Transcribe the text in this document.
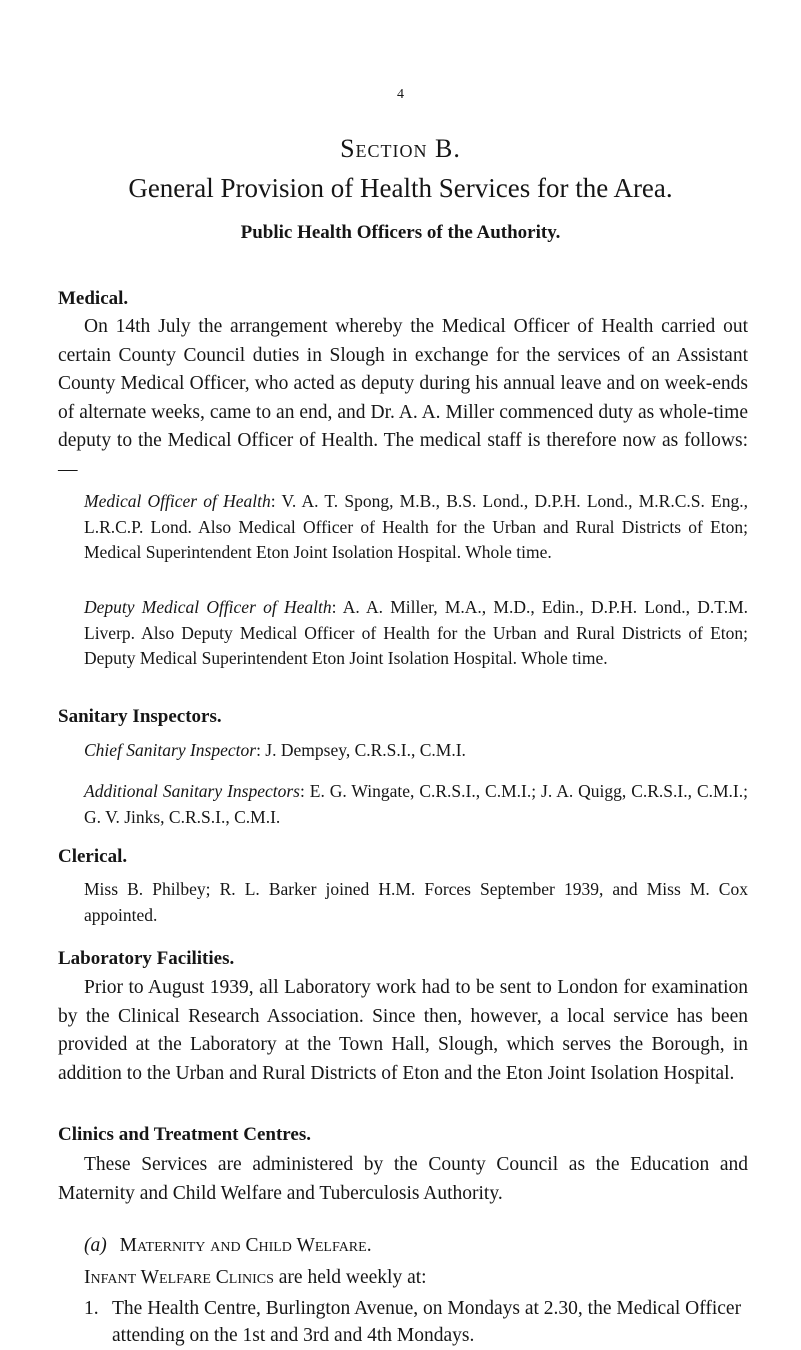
4
Section B.
General Provision of Health Services for the Area.
Public Health Officers of the Authority.
Medical.
On 14th July the arrangement whereby the Medical Officer of Health carried out certain County Council duties in Slough in exchange for the services of an Assistant County Medical Officer, who acted as deputy during his annual leave and on week-ends of alternate weeks, came to an end, and Dr. A. A. Miller commenced duty as whole-time deputy to the Medical Officer of Health. The medical staff is therefore now as follows:—
Medical Officer of Health: V. A. T. Spong, M.B., B.S. Lond., D.P.H. Lond., M.R.C.S. Eng., L.R.C.P. Lond. Also Medical Officer of Health for the Urban and Rural Districts of Eton; Medical Superintendent Eton Joint Isolation Hospital. Whole time.
Deputy Medical Officer of Health: A. A. Miller, M.A., M.D., Edin., D.P.H. Lond., D.T.M. Liverp. Also Deputy Medical Officer of Health for the Urban and Rural Districts of Eton; Deputy Medical Superintendent Eton Joint Isolation Hospital. Whole time.
Sanitary Inspectors.
Chief Sanitary Inspector: J. Dempsey, C.R.S.I., C.M.I.
Additional Sanitary Inspectors: E. G. Wingate, C.R.S.I., C.M.I.; J. A. Quigg, C.R.S.I., C.M.I.; G. V. Jinks, C.R.S.I., C.M.I.
Clerical.
Miss B. Philbey; R. L. Barker joined H.M. Forces September 1939, and Miss M. Cox appointed.
Laboratory Facilities.
Prior to August 1939, all Laboratory work had to be sent to London for examination by the Clinical Research Association. Since then, however, a local service has been provided at the Laboratory at the Town Hall, Slough, which serves the Borough, in addition to the Urban and Rural Districts of Eton and the Eton Joint Isolation Hospital.
Clinics and Treatment Centres.
These Services are administered by the County Council as the Education and Maternity and Child Welfare and Tuberculosis Authority.
(a) Maternity and Child Welfare.
Infant Welfare Clinics are held weekly at:
1. The Health Centre, Burlington Avenue, on Mondays at 2.30, the Medical Officer attending on the 1st and 3rd and 4th Mondays.
